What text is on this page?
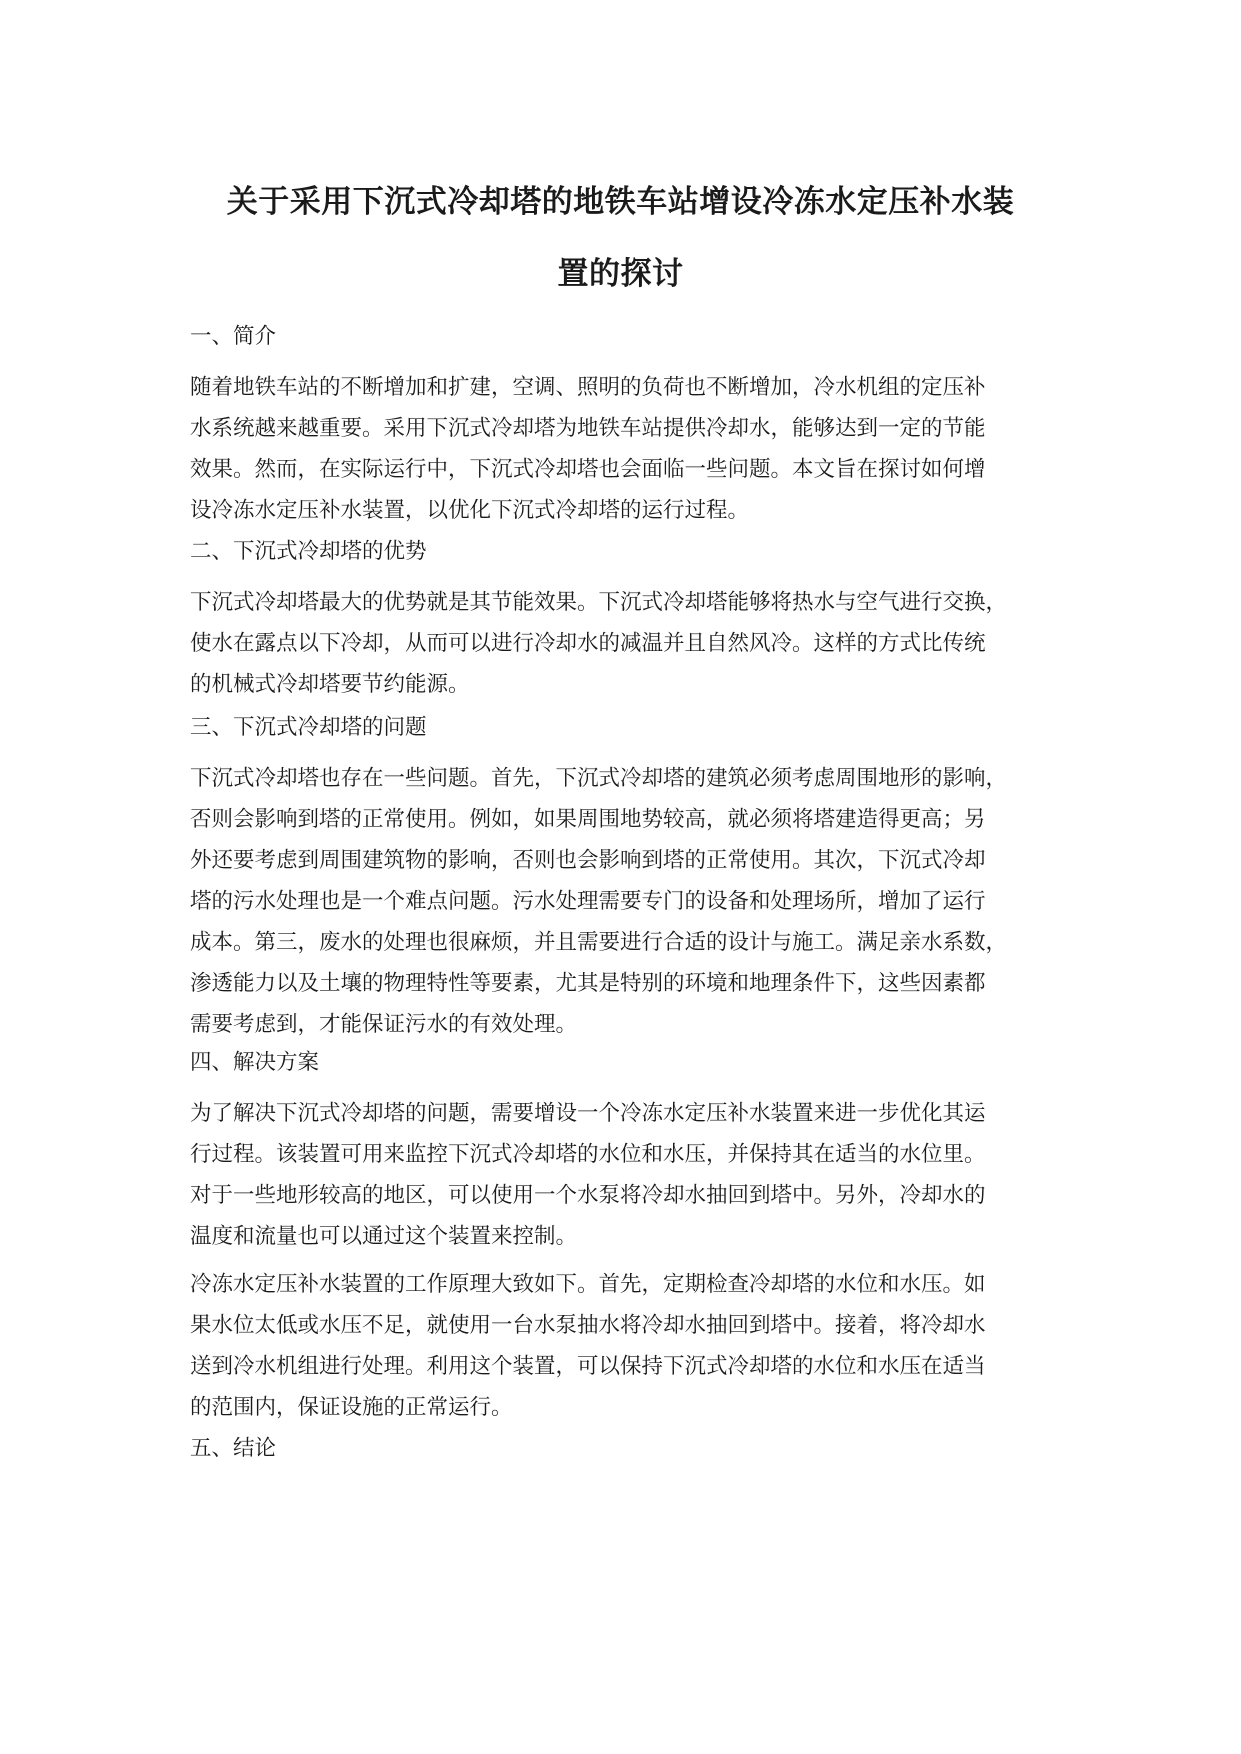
关于采用下沉式冷却塔的地铁车站增设冷冻水定压补水装
置的探讨
一、简介
随着地铁车站的不断增加和扩建，空调、照明的负荷也不断增加，冷水机组的定压补
水系统越来越重要。采用下沉式冷却塔为地铁车站提供冷却水，能够达到一定的节能
效果。然而，在实际运行中，下沉式冷却塔也会面临一些问题。本文旨在探讨如何增
设冷冻水定压补水装置，以优化下沉式冷却塔的运行过程。
二、下沉式冷却塔的优势
下沉式冷却塔最大的优势就是其节能效果。下沉式冷却塔能够将热水与空气进行交换，
使水在露点以下冷却，从而可以进行冷却水的减温并且自然风冷。这样的方式比传统
的机械式冷却塔要节约能源。
三、下沉式冷却塔的问题
下沉式冷却塔也存在一些问题。首先，下沉式冷却塔的建筑必须考虑周围地形的影响，
否则会影响到塔的正常使用。例如，如果周围地势较高，就必须将塔建造得更高；另
外还要考虑到周围建筑物的影响，否则也会影响到塔的正常使用。其次，下沉式冷却
塔的污水处理也是一个难点问题。污水处理需要专门的设备和处理场所，增加了运行
成本。第三，废水的处理也很麻烦，并且需要进行合适的设计与施工。满足亲水系数，
渗透能力以及土壤的物理特性等要素，尤其是特别的环境和地理条件下，这些因素都
需要考虑到，才能保证污水的有效处理。
四、解决方案
为了解决下沉式冷却塔的问题，需要增设一个冷冻水定压补水装置来进一步优化其运
行过程。该装置可用来监控下沉式冷却塔的水位和水压，并保持其在适当的水位里。
对于一些地形较高的地区，可以使用一个水泵将冷却水抽回到塔中。另外，冷却水的
温度和流量也可以通过这个装置来控制。
冷冻水定压补水装置的工作原理大致如下。首先，定期检查冷却塔的水位和水压。如
果水位太低或水压不足，就使用一台水泵抽水将冷却水抽回到塔中。接着，将冷却水
送到冷水机组进行处理。利用这个装置，可以保持下沉式冷却塔的水位和水压在适当
的范围内，保证设施的正常运行。
五、结论
